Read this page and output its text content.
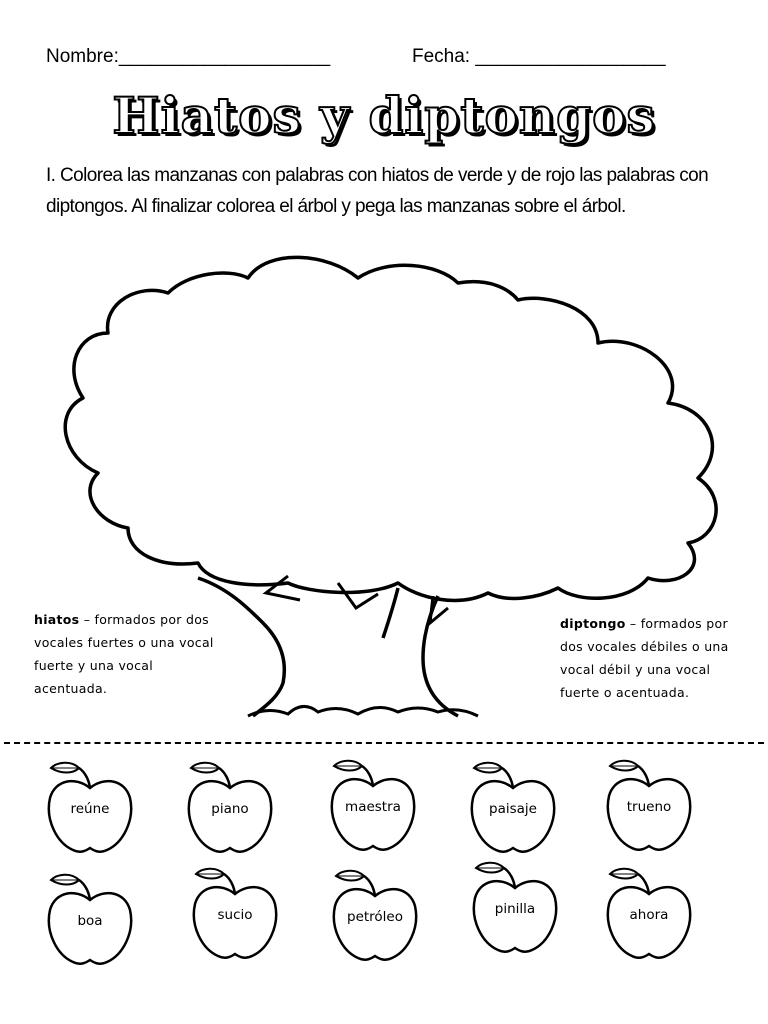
Nombre:____________________	Fecha: __________________
Hiatos y diptongos
I. Colorea las manzanas con palabras con hiatos de verde y de rojo las palabras con diptongos. Al finalizar colorea el árbol y pega las manzanas sobre el árbol.
hiatos – formados por dos vocales fuertes o una vocal fuerte y una vocal acentuada.
diptongo – formados por dos vocales débiles o una vocal débil y una vocal fuerte o acentuada.
reúne	piano	maestra	paisaje	trueno
boa	sucio	petróleo	pinilla	ahora
